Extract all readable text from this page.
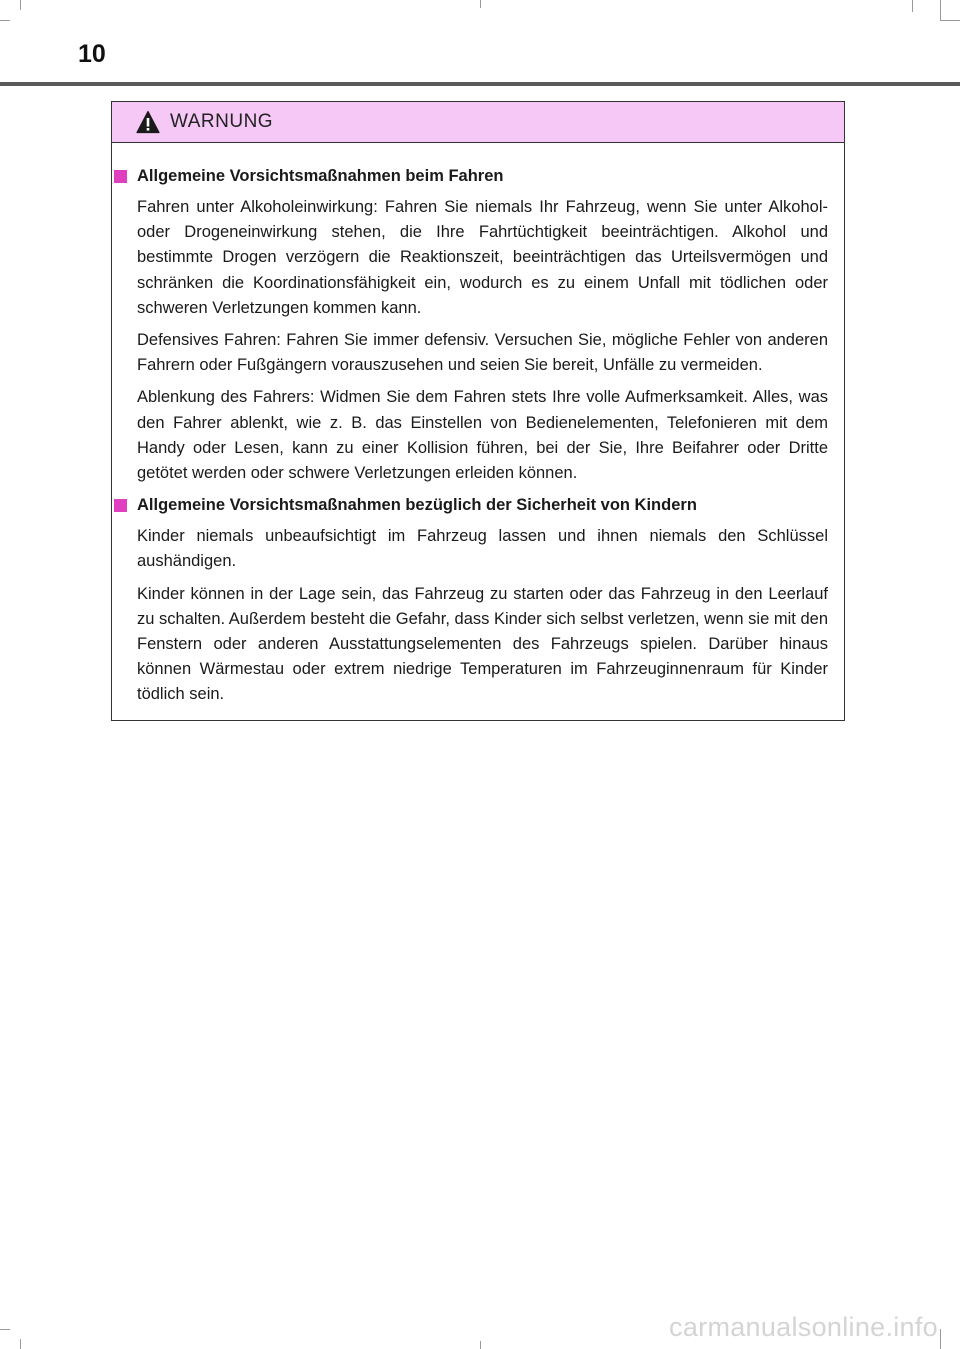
10
WARNUNG
Allgemeine Vorsichtsmaßnahmen beim Fahren

Fahren unter Alkoholeinwirkung: Fahren Sie niemals Ihr Fahrzeug, wenn Sie unter Alkohol- oder Drogeneinwirkung stehen, die Ihre Fahrtüchtigkeit beeinträchtigen. Alkohol und bestimmte Drogen verzögern die Reaktionszeit, beeinträchtigen das Urteilsvermögen und schränken die Koordinationsfähigkeit ein, wodurch es zu einem Unfall mit tödlichen oder schweren Verletzungen kommen kann.

Defensives Fahren: Fahren Sie immer defensiv. Versuchen Sie, mögliche Fehler von anderen Fahrern oder Fußgängern vorauszusehen und seien Sie bereit, Unfälle zu vermeiden.

Ablenkung des Fahrers: Widmen Sie dem Fahren stets Ihre volle Aufmerksamkeit. Alles, was den Fahrer ablenkt, wie z. B. das Einstellen von Bedienelementen, Telefonieren mit dem Handy oder Lesen, kann zu einer Kollision führen, bei der Sie, Ihre Beifahrer oder Dritte getötet werden oder schwere Verletzungen erleiden können.

Allgemeine Vorsichtsmaßnahmen bezüglich der Sicherheit von Kindern

Kinder niemals unbeaufsichtigt im Fahrzeug lassen und ihnen niemals den Schlüssel aushändigen.

Kinder können in der Lage sein, das Fahrzeug zu starten oder das Fahrzeug in den Leerlauf zu schalten. Außerdem besteht die Gefahr, dass Kinder sich selbst verletzen, wenn sie mit den Fenstern oder anderen Ausstattungselementen des Fahrzeugs spielen. Darüber hinaus können Wärmestau oder extrem niedrige Temperaturen im Fahrzeuginnenraum für Kinder tödlich sein.

carmanualsonline.info
